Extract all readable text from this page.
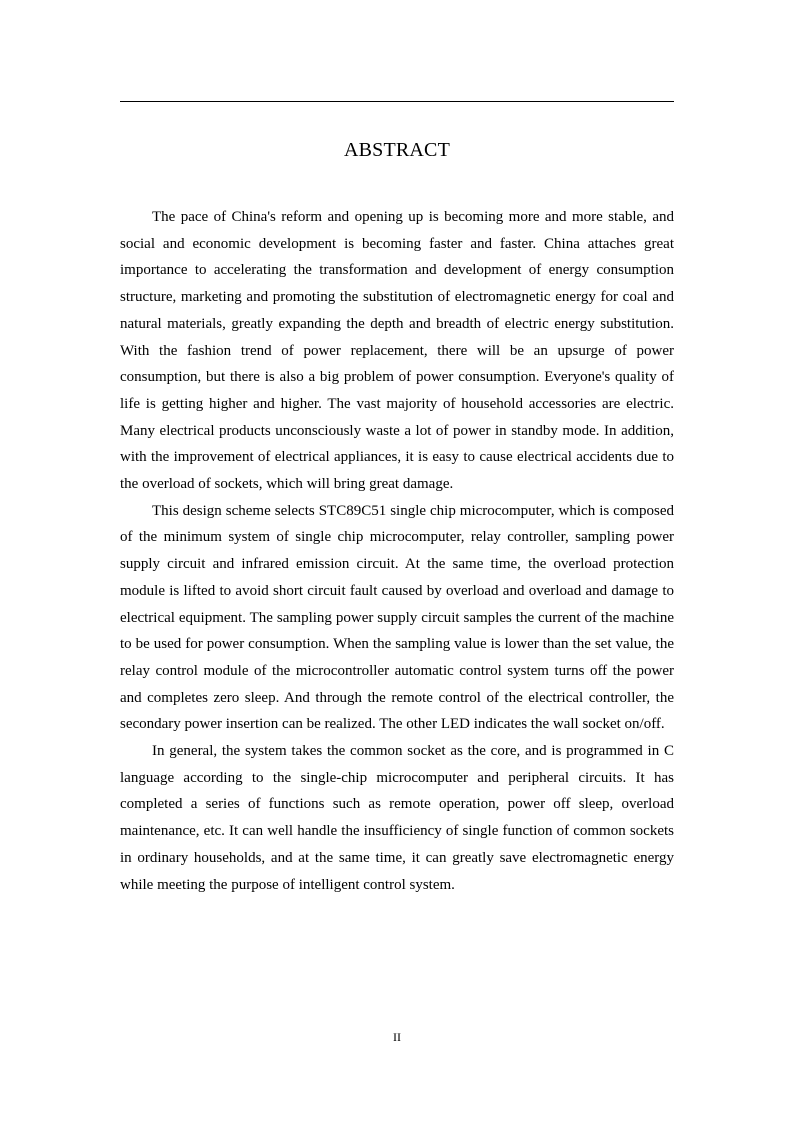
ABSTRACT

The pace of China's reform and opening up is becoming more and more stable, and social and economic development is becoming faster and faster. China attaches great importance to accelerating the transformation and development of energy consumption structure, marketing and promoting the substitution of electromagnetic energy for coal and natural materials, greatly expanding the depth and breadth of electric energy substitution. With the fashion trend of power replacement, there will be an upsurge of power consumption, but there is also a big problem of power consumption. Everyone's quality of life is getting higher and higher. The vast majority of household accessories are electric. Many electrical products unconsciously waste a lot of power in standby mode. In addition, with the improvement of electrical appliances, it is easy to cause electrical accidents due to the overload of sockets, which will bring great damage.

This design scheme selects STC89C51 single chip microcomputer, which is composed of the minimum system of single chip microcomputer, relay controller, sampling power supply circuit and infrared emission circuit. At the same time, the overload protection module is lifted to avoid short circuit fault caused by overload and overload and damage to electrical equipment. The sampling power supply circuit samples the current of the machine to be used for power consumption. When the sampling value is lower than the set value, the relay control module of the microcontroller automatic control system turns off the power and completes zero sleep. And through the remote control of the electrical controller, the secondary power insertion can be realized. The other LED indicates the wall socket on/off.

In general, the system takes the common socket as the core, and is programmed in C language according to the single-chip microcomputer and peripheral circuits. It has completed a series of functions such as remote operation, power off sleep, overload maintenance, etc. It can well handle the insufficiency of single function of common sockets in ordinary households, and at the same time, it can greatly save electromagnetic energy while meeting the purpose of intelligent control system.

II
